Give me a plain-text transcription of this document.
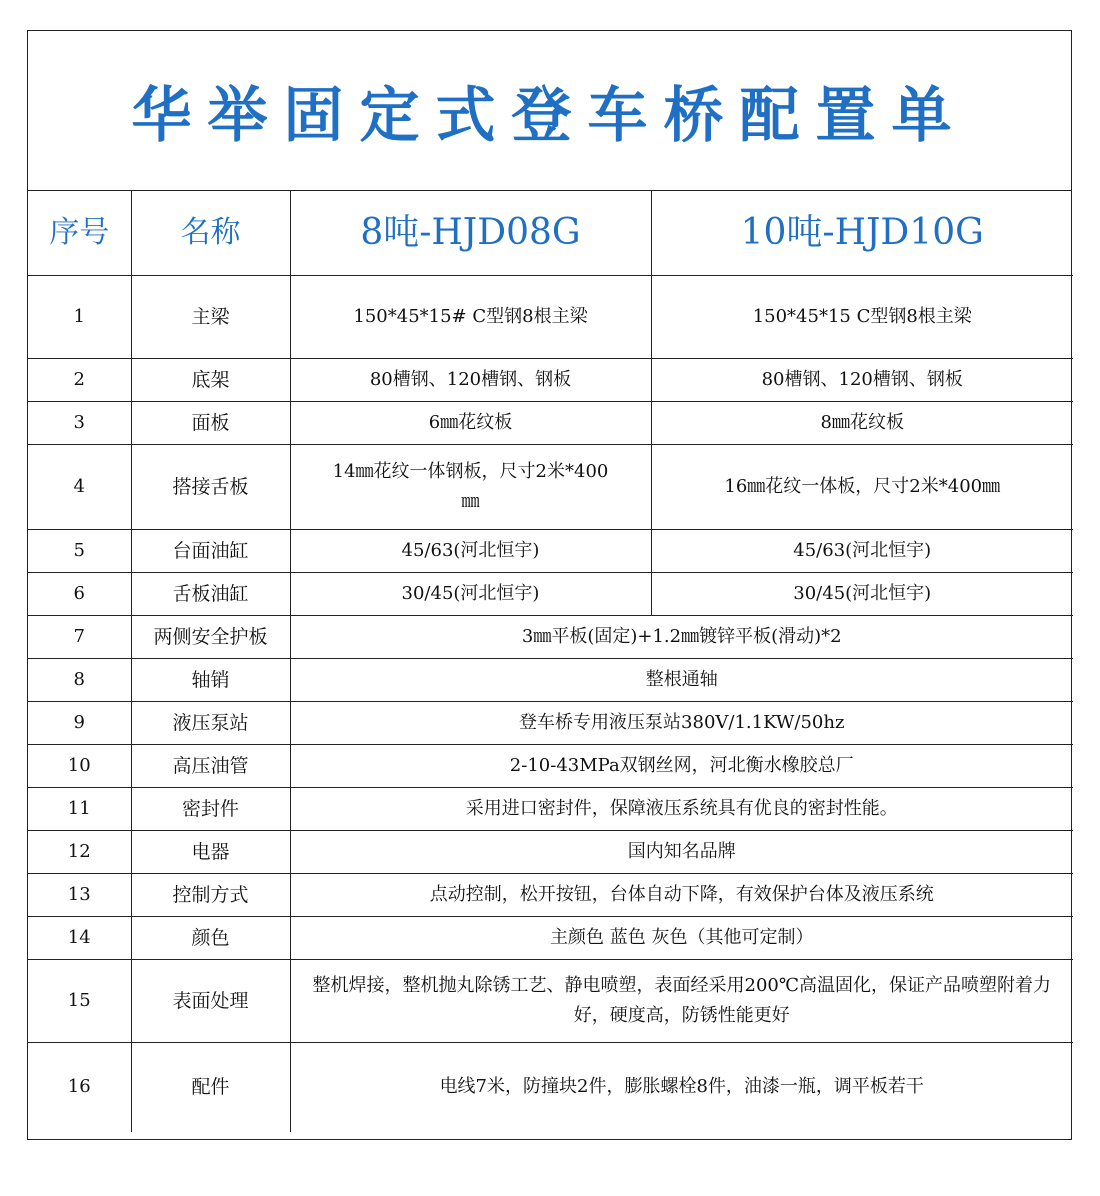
华举固定式登车桥配置单
序号	名称	8吨-HJD08G	10吨-HJD10G
1	主梁	150*45*15# C型钢8根主梁	150*45*15 C型钢8根主梁
2	底架	80槽钢、120槽钢、钢板	80槽钢、120槽钢、钢板
3	面板	6㎜花纹板	8㎜花纹板
4	搭接舌板	14㎜花纹一体钢板，尺寸2米*400㎜	16㎜花纹一体板，尺寸2米*400㎜
5	台面油缸	45/63(河北恒宇)	45/63(河北恒宇)
6	舌板油缸	30/45(河北恒宇)	30/45(河北恒宇)
7	两侧安全护板	3㎜平板(固定)+1.2㎜镀锌平板(滑动)*2	
8	轴销	整根通轴	
9	液压泵站	登车桥专用液压泵站380V/1.1KW/50hz	
10	高压油管	2-10-43MPa双钢丝网，河北衡水橡胶总厂	
11	密封件	采用进口密封件，保障液压系统具有优良的密封性能。	
12	电器	国内知名品牌	
13	控制方式	点动控制，松开按钮，台体自动下降，有效保护台体及液压系统	
14	颜色	主颜色 蓝色 灰色（其他可定制）	
15	表面处理	整机焊接，整机抛丸除锈工艺、静电喷塑，表面经采用200℃高温固化，保证产品喷塑附着力好，硬度高，防锈性能更好	
16	配件	电线7米，防撞块2件，膨胀螺栓8件，油漆一瓶，调平板若干	
